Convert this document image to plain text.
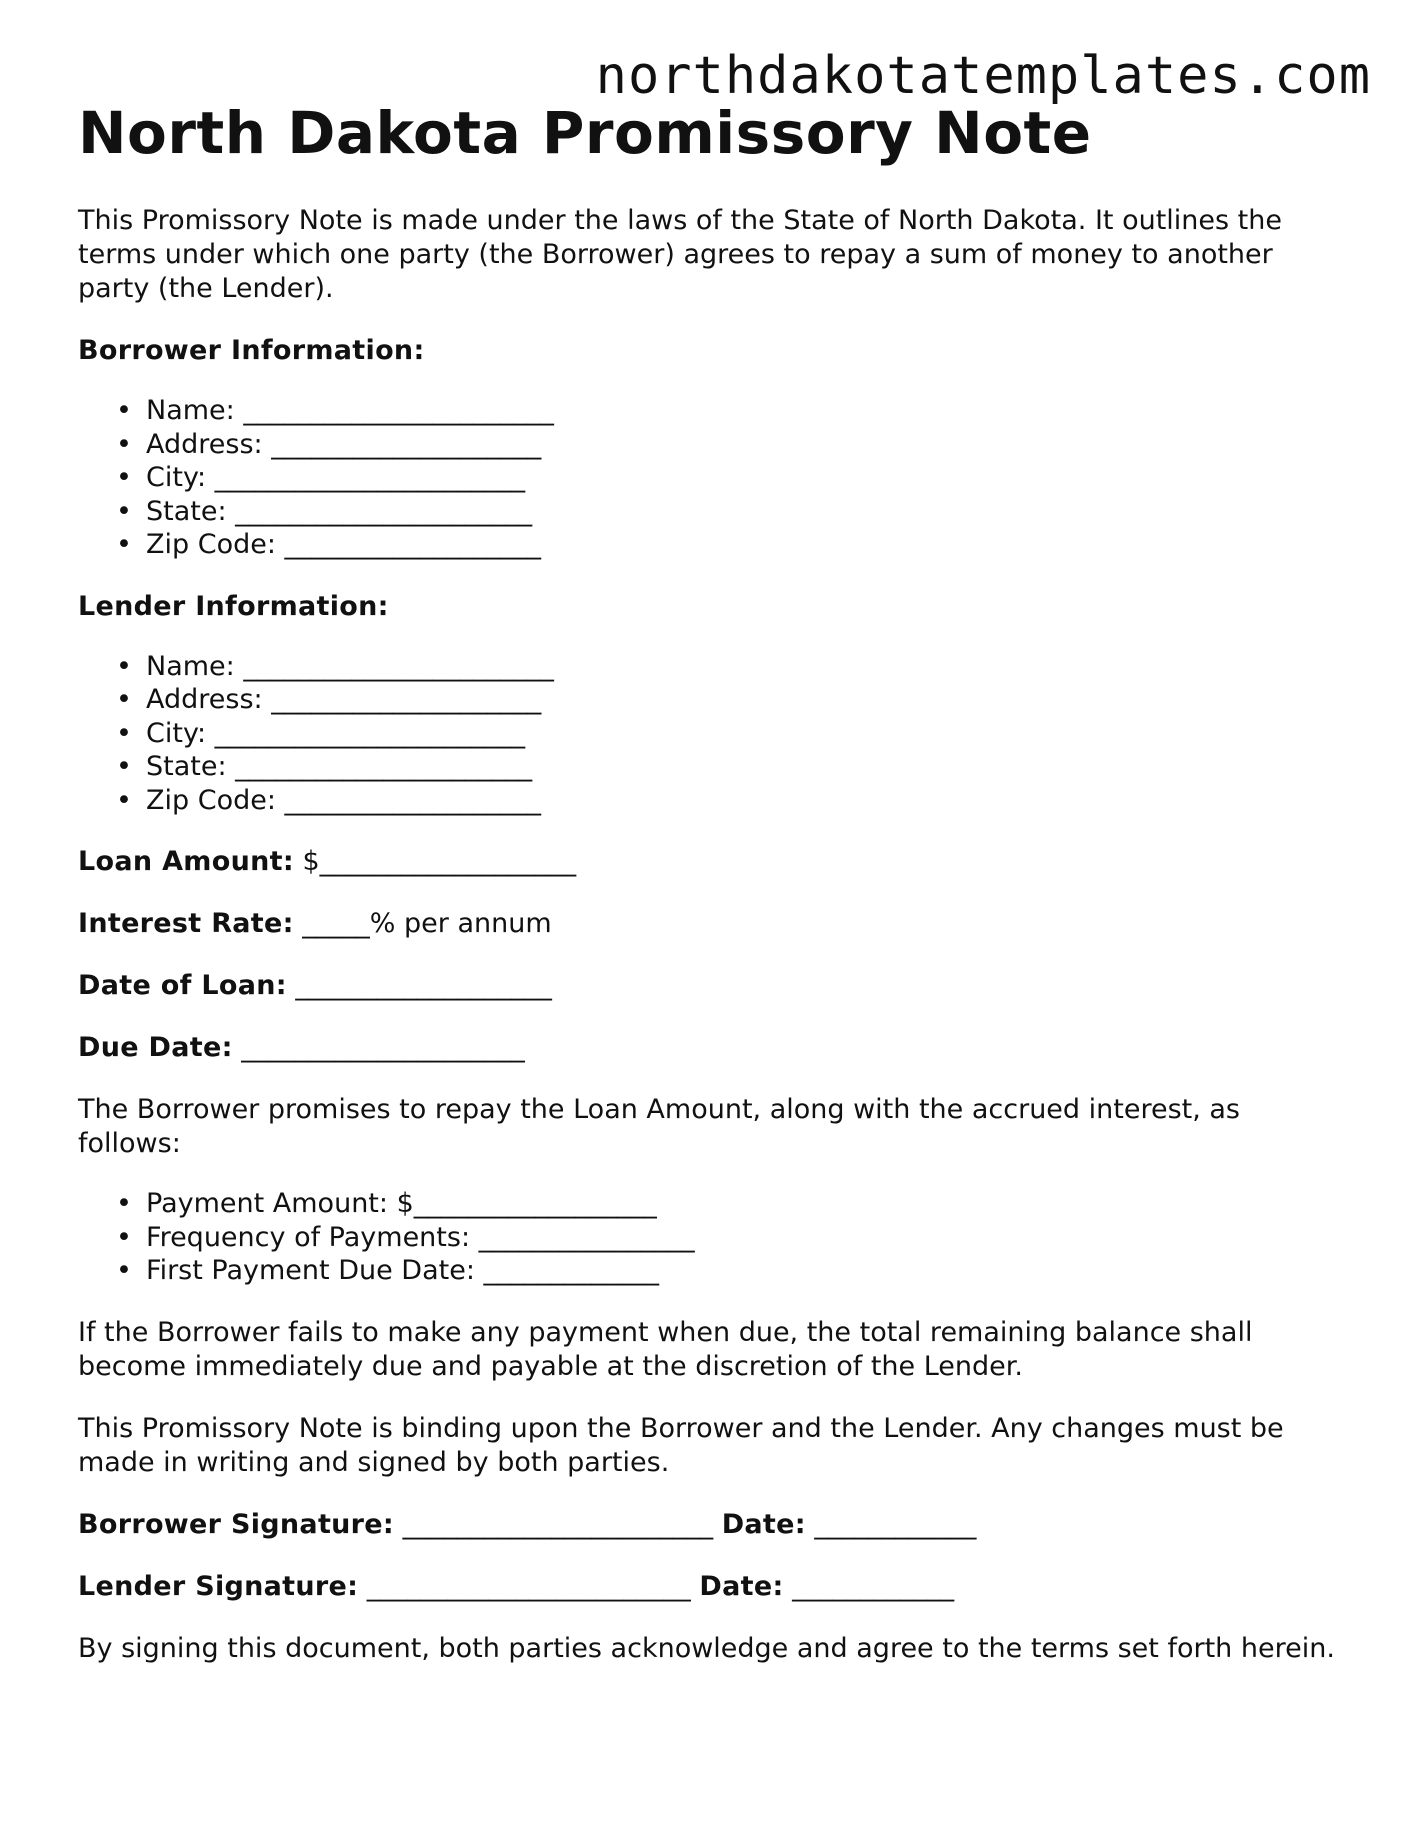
northdakotatemplates.com
North Dakota Promissory Note

This Promissory Note is made under the laws of the State of North Dakota. It outlines the terms under which one party (the Borrower) agrees to repay a sum of money to another party (the Lender).

Borrower Information:
• Name: _______________________
• Address: ____________________
• City: _______________________
• State: ______________________
• Zip Code: ___________________
Lender Information:
• Name: _______________________
• Address: ____________________
• City: _______________________
• State: ______________________
• Zip Code: ___________________
Loan Amount: $___________________
Interest Rate: _____% per annum
Date of Loan: ___________________
Due Date: _____________________

The Borrower promises to repay the Loan Amount, along with the accrued interest, as follows:

• Payment Amount: $__________________
• Frequency of Payments: ________________
• First Payment Due Date: _____________

If the Borrower fails to make any payment when due, the total remaining balance shall become immediately due and payable at the discretion of the Lender.

This Promissory Note is binding upon the Borrower and the Lender. Any changes must be made in writing and signed by both parties.

Borrower Signature: _______________________ Date: ____________
Lender Signature: ________________________ Date: ____________

By signing this document, both parties acknowledge and agree to the terms set forth herein.
